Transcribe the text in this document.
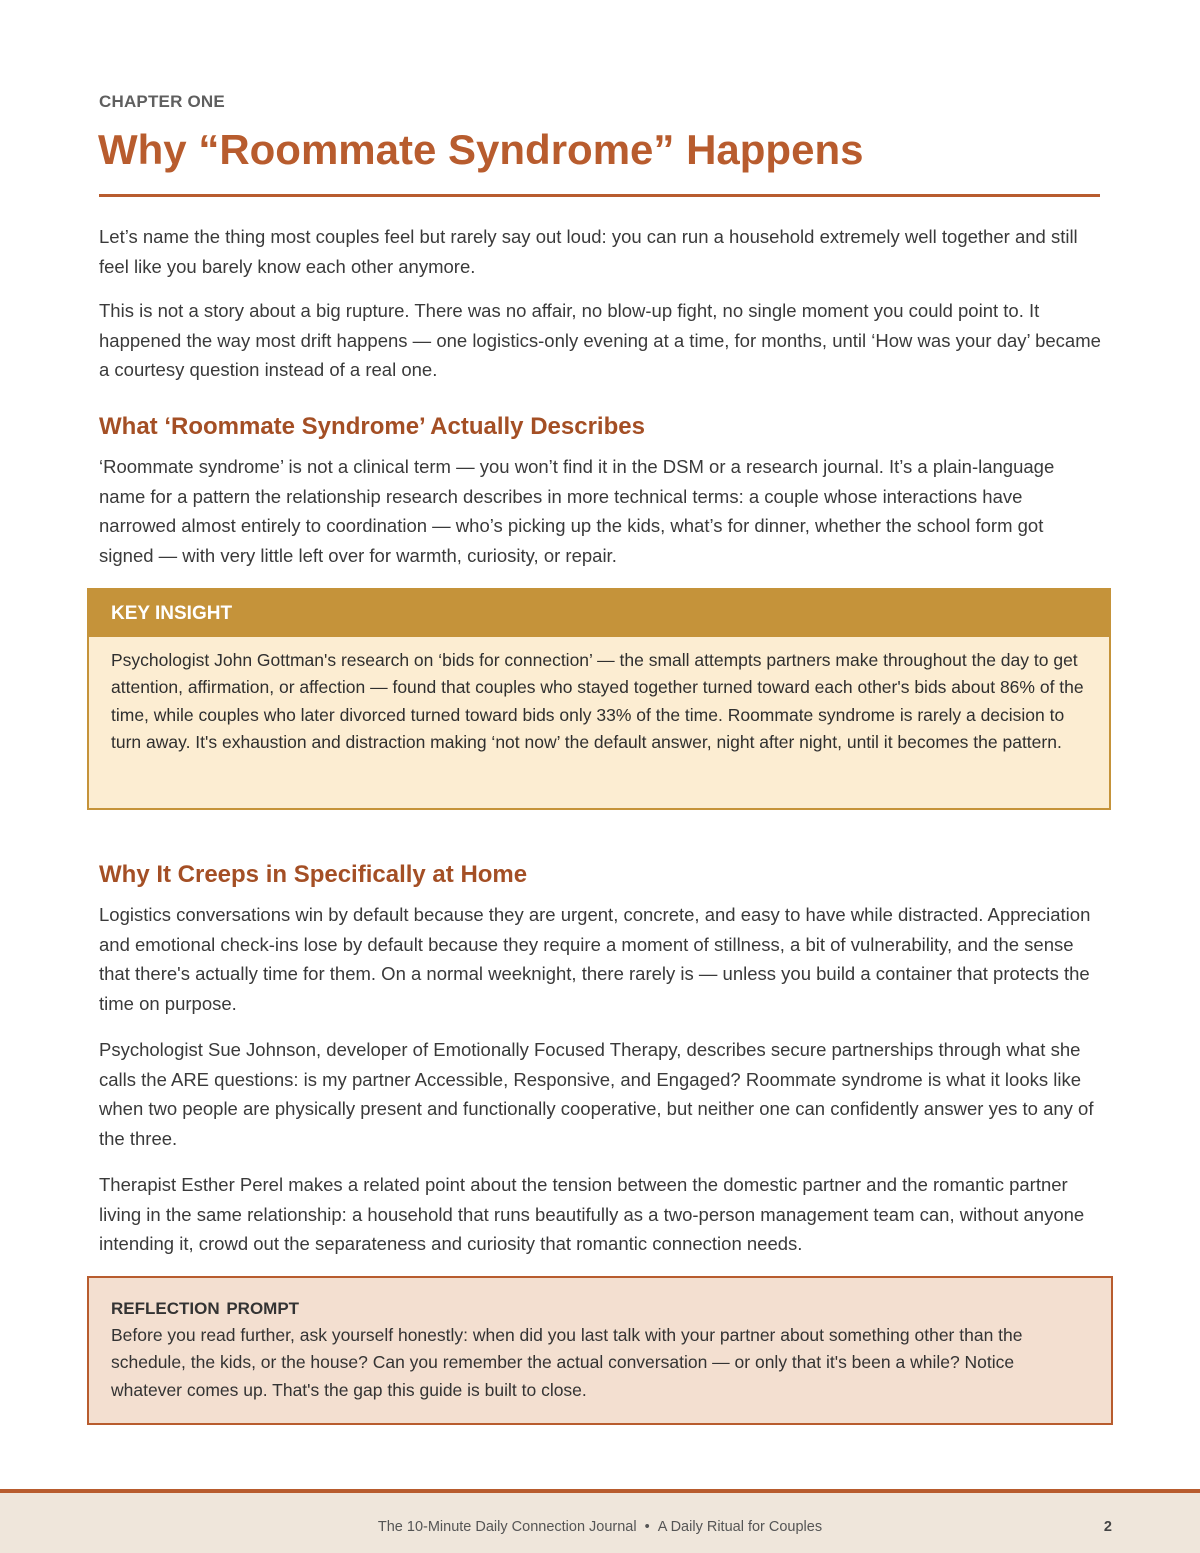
CHAPTER ONE
Why “Roommate Syndrome” Happens

Let’s name the thing most couples feel but rarely say out loud: you can run a household extremely well together and still feel like you barely know each other anymore.

This is not a story about a big rupture. There was no affair, no blow-up fight, no single moment you could point to. It happened the way most drift happens — one logistics-only evening at a time, for months, until ‘How was your day’ became a courtesy question instead of a real one.

What ‘Roommate Syndrome’ Actually Describes

‘Roommate syndrome’ is not a clinical term — you won’t find it in the DSM or a research journal. It’s a plain-language name for a pattern the relationship research describes in more technical terms: a couple whose interactions have narrowed almost entirely to coordination — who’s picking up the kids, what’s for dinner, whether the school form got signed — with very little left over for warmth, curiosity, or repair.

KEY INSIGHT
Psychologist John Gottman's research on ‘bids for connection’ — the small attempts partners make throughout the day to get attention, affirmation, or affection — found that couples who stayed together turned toward each other's bids about 86% of the time, while couples who later divorced turned toward bids only 33% of the time. Roommate syndrome is rarely a decision to turn away. It's exhaustion and distraction making ‘not now’ the default answer, night after night, until it becomes the pattern.
Why It Creeps in Specifically at Home

Logistics conversations win by default because they are urgent, concrete, and easy to have while distracted. Appreciation and emotional check-ins lose by default because they require a moment of stillness, a bit of vulnerability, and the sense that there's actually time for them. On a normal weeknight, there rarely is — unless you build a container that protects the time on purpose.

Psychologist Sue Johnson, developer of Emotionally Focused Therapy, describes secure partnerships through what she calls the ARE questions: is my partner Accessible, Responsive, and Engaged? Roommate syndrome is what it looks like when two people are physically present and functionally cooperative, but neither one can confidently answer yes to any of the three.

Therapist Esther Perel makes a related point about the tension between the domestic partner and the romantic partner living in the same relationship: a household that runs beautifully as a two-person management team can, without anyone intending it, crowd out the separateness and curiosity that romantic connection needs.

REFLECTION PROMPT
Before you read further, ask yourself honestly: when did you last talk with your partner about something other than the schedule, the kids, or the house? Can you remember the actual conversation — or only that it's been a while? Notice whatever comes up. That's the gap this guide is built to close.
The 10-Minute Daily Connection Journal • A Daily Ritual for Couples	2
